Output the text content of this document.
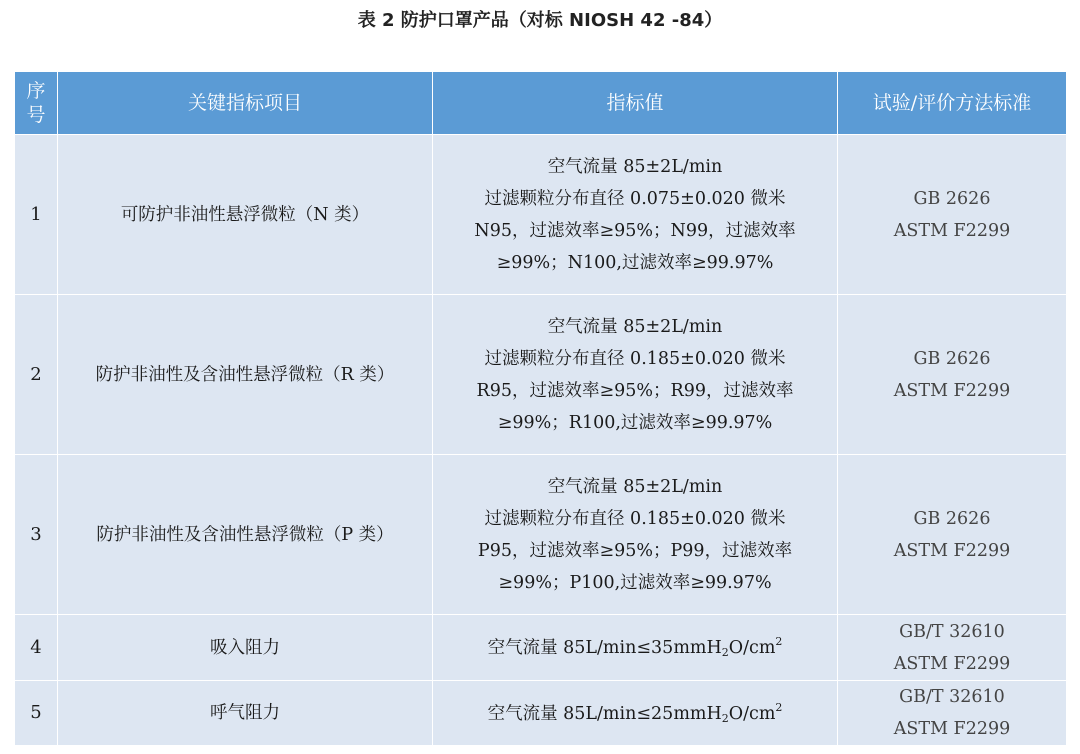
表 2 防护口罩产品（对标 NIOSH 42 -84）
序
号	关键指标项目	指标值	试验/评价方法标准
1	可防护非油性悬浮微粒（N 类）	空气流量 85±2L/min
过滤颗粒分布直径 0.075±0.020 微米
N95，过滤效率≥95%；N99，过滤效率
≥99%；N100,过滤效率≥99.97%	GB 2626
ASTM F2299

2	防护非油性及含油性悬浮微粒（R 类）	空气流量 85±2L/min
过滤颗粒分布直径 0.185±0.020 微米
R95，过滤效率≥95%；R99，过滤效率
≥99%；R100,过滤效率≥99.97%	GB 2626
ASTM F2299

3	防护非油性及含油性悬浮微粒（P 类）	空气流量 85±2L/min
过滤颗粒分布直径 0.185±0.020 微米
P95，过滤效率≥95%；P99，过滤效率
≥99%；P100,过滤效率≥99.97%	GB 2626
ASTM F2299

4	吸入阻力	空气流量 $85L/\min\le 35mmH_2O/cm^2$	GB/T 32610
ASTM F2299

5	呼气阻力	空气流量 $85L/\min\le 25mmH_2O/cm^2$	GB/T 32610
ASTM F2299
